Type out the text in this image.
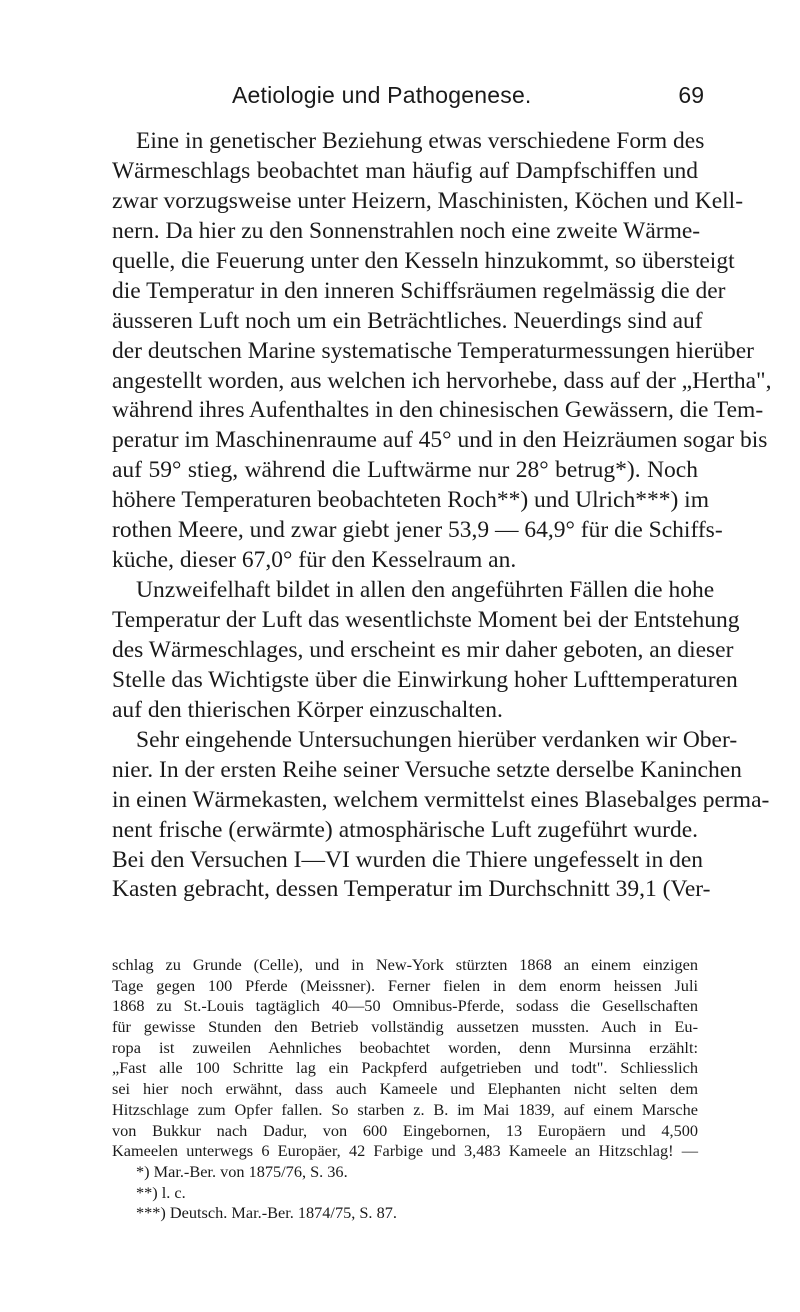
Aetiologie und Pathogenese.	69
Eine in genetischer Beziehung etwas verschiedene Form des
Wärmeschlags beobachtet man häufig auf Dampfschiffen und
zwar vorzugsweise unter Heizern, Maschinisten, Köchen und Kell-
nern. Da hier zu den Sonnenstrahlen noch eine zweite Wärme-
quelle, die Feuerung unter den Kesseln hinzukommt, so übersteigt
die Temperatur in den inneren Schiffsräumen regelmässig die der
äusseren Luft noch um ein Beträchtliches. Neuerdings sind auf
der deutschen Marine systematische Temperaturmessungen hierüber
angestellt worden, aus welchen ich hervorhebe, dass auf der „Hertha",
während ihres Aufenthaltes in den chinesischen Gewässern, die Tem-
peratur im Maschinenraume auf 45° und in den Heizräumen sogar bis
auf 59° stieg, während die Luftwärme nur 28° betrug*). Noch
höhere Temperaturen beobachteten Roch**) und Ulrich***) im
rothen Meere, und zwar giebt jener 53,9 — 64,9° für die Schiffs-
küche, dieser 67,0° für den Kesselraum an.
Unzweifelhaft bildet in allen den angeführten Fällen die hohe
Temperatur der Luft das wesentlichste Moment bei der Entstehung
des Wärmeschlages, und erscheint es mir daher geboten, an dieser
Stelle das Wichtigste über die Einwirkung hoher Lufttemperaturen
auf den thierischen Körper einzuschalten.
Sehr eingehende Untersuchungen hierüber verdanken wir Ober-
nier. In der ersten Reihe seiner Versuche setzte derselbe Kaninchen
in einen Wärmekasten, welchem vermittelst eines Blasebalges perma-
nent frische (erwärmte) atmosphärische Luft zugeführt wurde.
Bei den Versuchen I—VI wurden die Thiere ungefesselt in den
Kasten gebracht, dessen Temperatur im Durchschnitt 39,1 (Ver-
schlag zu Grunde (Celle), und in New-York stürzten 1868 an einem einzigen
Tage gegen 100 Pferde (Meissner). Ferner fielen in dem enorm heissen Juli
1868 zu St.-Louis tagtäglich 40—50 Omnibus-Pferde, sodass die Gesellschaften
für gewisse Stunden den Betrieb vollständig aussetzen mussten. Auch in Eu-
ropa ist zuweilen Aehnliches beobachtet worden, denn Mursinna erzählt:
„Fast alle 100 Schritte lag ein Packpferd aufgetrieben und todt". Schliesslich
sei hier noch erwähnt, dass auch Kameele und Elephanten nicht selten dem
Hitzschlage zum Opfer fallen. So starben z. B. im Mai 1839, auf einem Marsche
von Bukkur nach Dadur, von 600 Eingebornen, 13 Europäern und 4,500
Kameelen unterwegs 6 Europäer, 42 Farbige und 3,483 Kameele an Hitzschlag! —
*) Mar.-Ber. von 1875/76, S. 36.
**) l. c.
***) Deutsch. Mar.-Ber. 1874/75, S. 87.
